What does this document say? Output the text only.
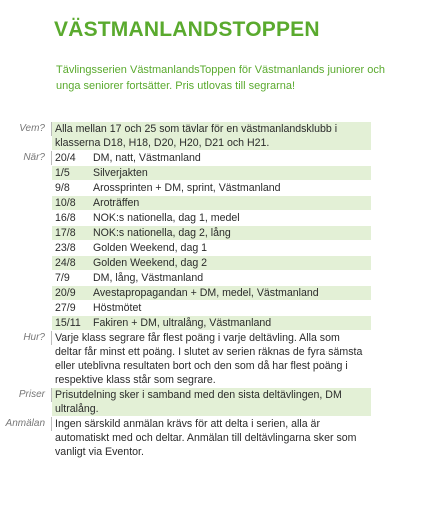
VÄSTMANLANDSTOPPEN

Tävlingsserien VästmanlandsToppen för Västmanlands juniorer och unga seniorer fortsätter. Pris utlovas till segrarna!

Vem? Alla mellan 17 och 25 som tävlar för en västmanlandsklubb i klasserna D18, H18, D20, H20, D21 och H21.
När? 20/4	DM, natt, Västmanland
1/5	Silverjakten
9/8	Arossprinten + DM, sprint, Västmanland
10/8	Aroträffen
16/8	NOK:s nationella, dag 1, medel
17/8	NOK:s nationella, dag 2, lång
23/8	Golden Weekend, dag 1
24/8	Golden Weekend, dag 2
7/9	DM, lång, Västmanland
20/9	Avestapropagandan + DM, medel, Västmanland
27/9	Höstmötet
15/11	Fakiren + DM, ultralång, Västmanland
Hur? Varje klass segrare får flest poäng i varje deltävling. Alla som deltar får minst ett poäng. I slutet av serien räknas de fyra sämsta eller uteblivna resultaten bort och den som då har flest poäng i respektive klass står som segrare.
Priser Prisutdelning sker i samband med den sista deltävlingen, DM ultralång.
Anmälan Ingen särskild anmälan krävs för att delta i serien, alla är automatiskt med och deltar. Anmälan till deltävlingarna sker som vanligt via Eventor.
